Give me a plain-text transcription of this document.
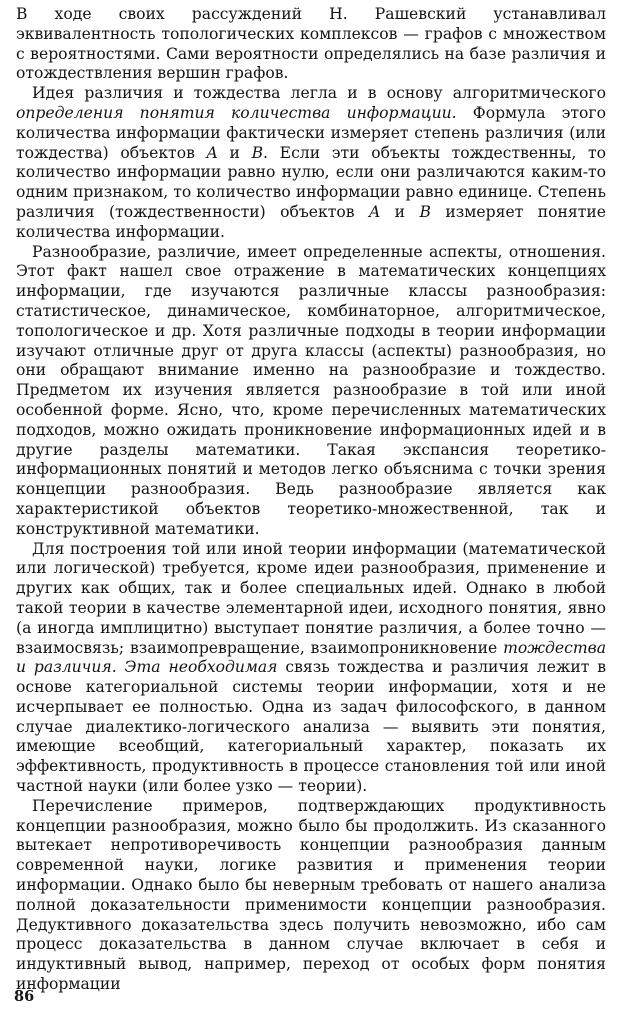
В ходе своих рассуждений Н. Рашевский устанавливал эквивалентность топологических комплексов — графов с множеством с вероятностями. Сами вероятности определялись на базе различия и отождествления вершин графов.

Идея различия и тождества легла и в основу алгоритмического определения понятия количества информации. Формула этого количества информации фактически измеряет степень различия (или тождества) объектов A и B. Если эти объекты тождественны, то количество информации равно нулю, если они различаются каким-то одним признаком, то количество информации равно единице. Степень различия (тождественности) объектов A и B измеряет понятие количества информации.

Разнообразие, различие, имеет определенные аспекты, отношения. Этот факт нашел свое отражение в математических концепциях информации, где изучаются различные классы разнообразия: статистическое, динамическое, комбинаторное, алгоритмическое, топологическое и др. Хотя различные подходы в теории информации изучают отличные друг от друга классы (аспекты) разнообразия, но они обращают внимание именно на разнообразие и тождество. Предметом их изучения является разнообразие в той или иной особенной форме. Ясно, что, кроме перечисленных математических подходов, можно ожидать проникновение информационных идей и в другие разделы математики. Такая экспансия теоретико-информационных понятий и методов легко объяснима с точки зрения концепции разнообразия. Ведь разнообразие является как характеристикой объектов теоретико-множественной, так и конструктивной математики.

Для построения той или иной теории информации (математической или логической) требуется, кроме идеи разнообразия, применение и других как общих, так и более специальных идей. Однако в любой такой теории в качестве элементарной идеи, исходного понятия, явно (а иногда имплицитно) выступает понятие различия, а более точно — взаимосвязь; взаимопревращение, взаимопроникновение тождества и различия. Эта необходимая связь тождества и различия лежит в основе категориальной системы теории информации, хотя и не исчерпывает ее полностью. Одна из задач философского, в данном случае диалектико-логического анализа — выявить эти понятия, имеющие всеобщий, категориальный характер, показать их эффективность, продуктивность в процессе становления той или иной частной науки (или более узко — теории).

Перечисление примеров, подтверждающих продуктивность концепции разнообразия, можно было бы продолжить. Из сказанного вытекает непротиворечивость концепции разнообразия данным современной науки, логике развития и применения теории информации. Однако было бы неверным требовать от нашего анализа полной доказательности применимости концепции разнообразия. Дедуктивного доказательства здесь получить невозможно, ибо сам процесс доказательства в данном случае включает в себя и индуктивный вывод, например, переход от особых форм понятия информации

86
